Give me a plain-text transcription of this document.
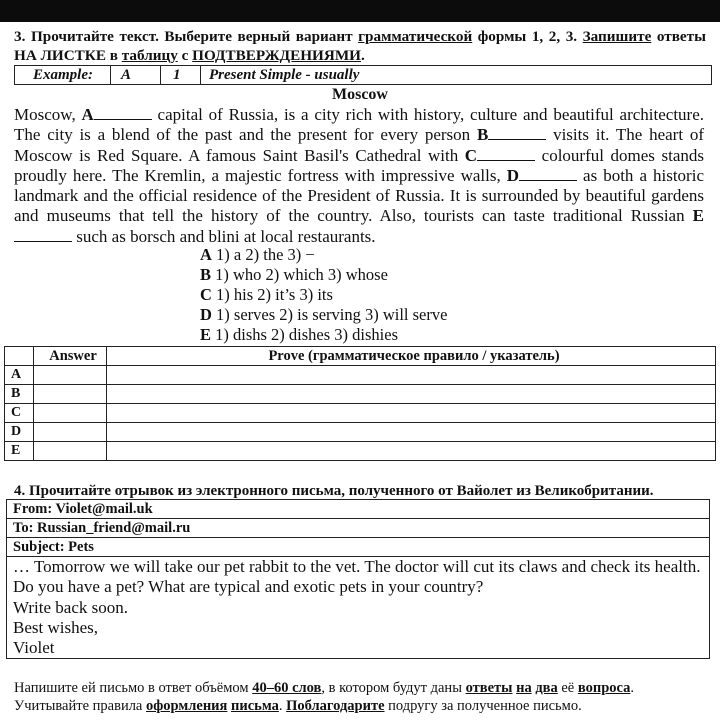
3. Прочитайте текст. Выберите верный вариант грамматической формы 1, 2, 3. Запишите ответы НА ЛИСТКЕ в таблицу с ПОДТВЕРЖДЕНИЯМИ.
Example:	A	1	Present Simple - usually
Moscow
Moscow, A	capital of Russia, is a city rich with history, culture and beautiful architecture. The city is a blend of the past and the present for every person B	visits it. The heart of Moscow is Red Square. A famous Saint Basil's Cathedral with C	colourful domes stands proudly here. The Kremlin, a majestic fortress with impressive walls, D	as both a historic landmark and the official residence of the President of Russia. It is surrounded by beautiful gardens and museums that tell the history of the country. Also, tourists can taste traditional Russian E such as borsch and blini at local restaurants.
A 1) a 2) the 3) −
B 1) who 2) which 3) whose
C 1) his 2) it’s 3) its
D 1) serves 2) is serving 3) will serve
E 1) dishs 2) dishes 3) dishies
	Answer	Prove (грамматическое правило / указатель)
A		
B		
C		
D		
E		
4. Прочитайте отрывок из электронного письма, полученного от Вайолет из Великобритании.
From: Violet@mail.uk
To: Russian_friend@mail.ru
Subject: Pets
… Tomorrow we will take our pet rabbit to the vet. The doctor will cut its claws and check its health.
Do you have a pet? What are typical and exotic pets in your country?
Write back soon.
Best wishes,
Violet
Напишите ей письмо в ответ объёмом 40–60 слов, в котором будут даны ответы на два её вопроса.
Учитывайте правила оформления письма. Поблагодарите подругу за полученное письмо.
